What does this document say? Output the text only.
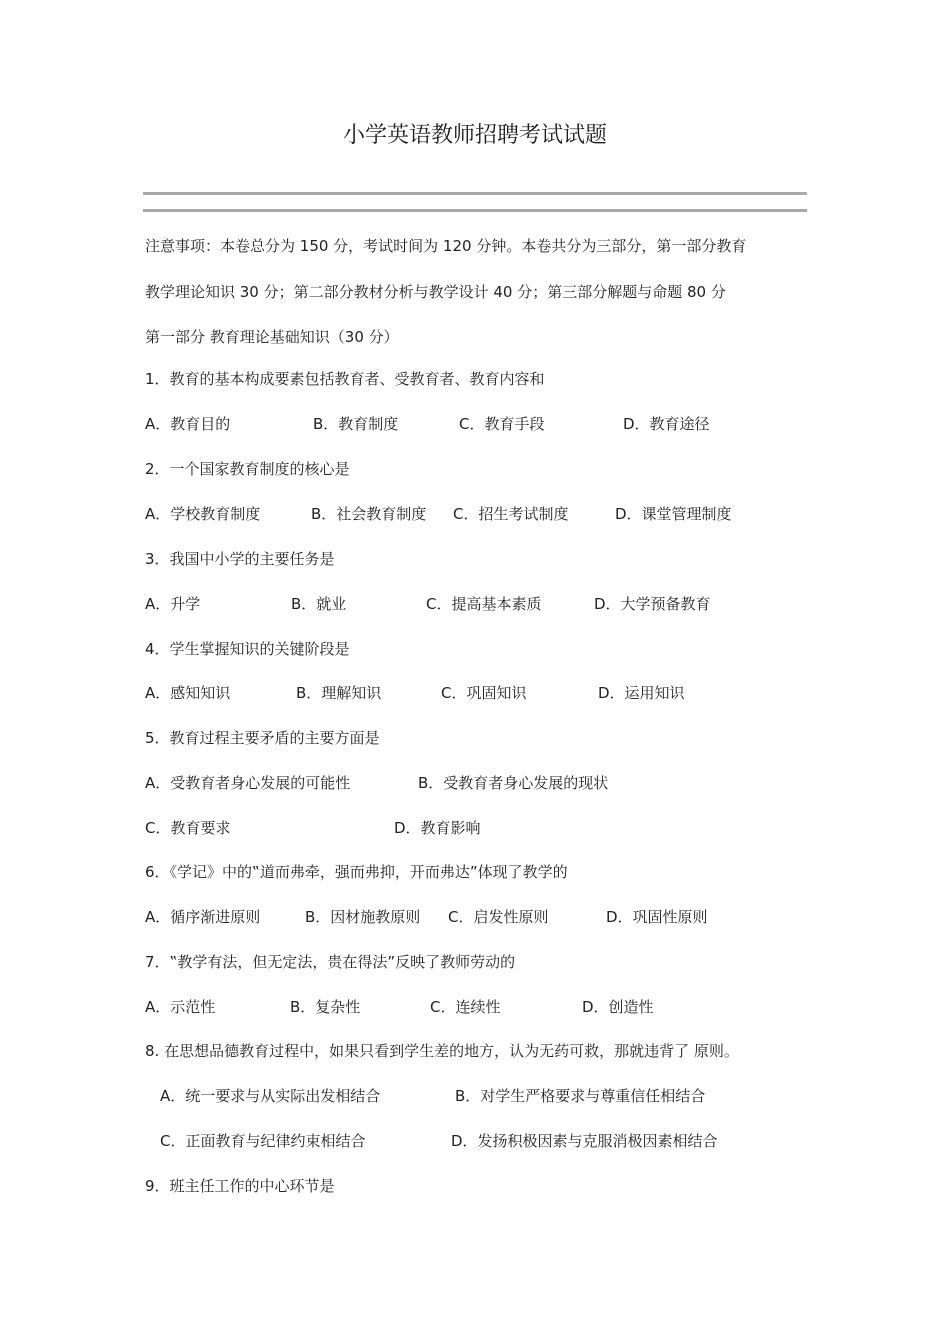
小学英语教师招聘考试试题
注意事项：本卷总分为 150 分，考试时间为 120 分钟。本卷共分为三部分，第一部分教育
教学理论知识 30 分；第二部分教材分析与教学设计 40 分；第三部分解题与命题 80 分
第一部分 教育理论基础知识（30 分）
1．教育的基本构成要素包括教育者、受教育者、教育内容和
A．教育目的	B．教育制度	C．教育手段	D．教育途径
2．一个国家教育制度的核心是
A．学校教育制度	B．社会教育制度 C．招生考试制度	D．课堂管理制度
3．我国中小学的主要任务是
A．升学	B．就业	C．提高基本素质	D．大学预备教育
4．学生掌握知识的关键阶段是
A．感知知识	B．理解知识	C．巩固知识	D．运用知识
5．教育过程主要矛盾的主要方面是
A．受教育者身心发展的可能性	B．受教育者身心发展的现状
C．教育要求	D．教育影响
6．《学记》中的‟道而弗牵，强而弗抑，开而弗达”体现了教学的
A．循序渐进原则	B．因材施教原则 C．启发性原则	D．巩固性原则
7．‟教学有法，但无定法，贵在得法”反映了教师劳动的
A．示范性	B．复杂性	C．连续性	D．创造性
8. 在思想品德教育过程中，如果只看到学生差的地方，认为无药可救，那就违背了 原则。
A．统一要求与从实际出发相结合	B．对学生严格要求与尊重信任相结合
C．正面教育与纪律约束相结合	D．发扬积极因素与克服消极因素相结合
9．班主任工作的中心环节是
